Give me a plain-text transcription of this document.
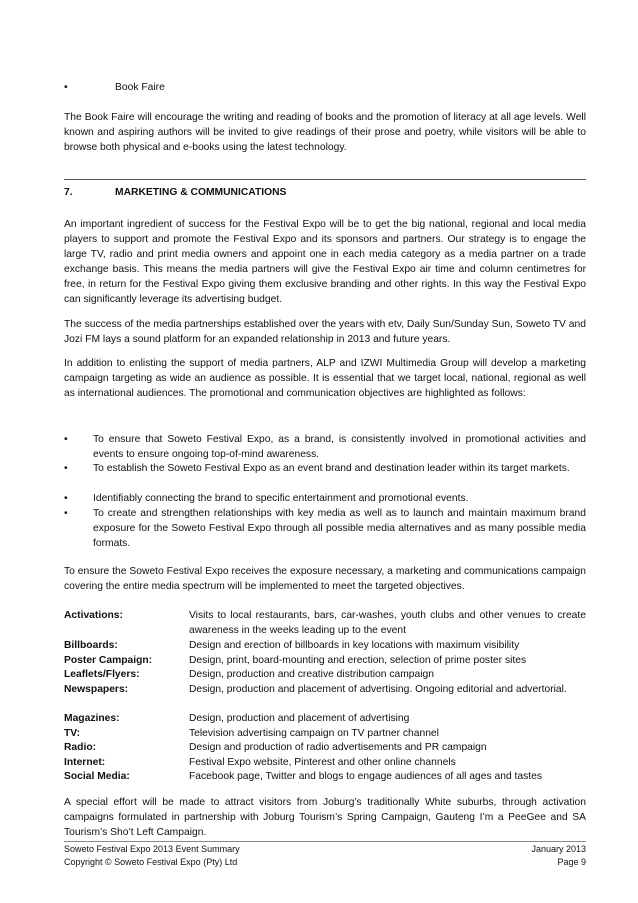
•	Book Faire

The Book Faire will encourage the writing and reading of books and the promotion of literacy at all age levels. Well known and aspiring authors will be invited to give readings of their prose and poetry, while visitors will be able to browse both physical and e-books using the latest technology.

7.	MARKETING & COMMUNICATIONS

An important ingredient of success for the Festival Expo will be to get the big national, regional and local media players to support and promote the Festival Expo and its sponsors and partners. Our strategy is to engage the large TV, radio and print media owners and appoint one in each media category as a media partner on a trade exchange basis. This means the media partners will give the Festival Expo air time and column centimetres for free, in return for the Festival Expo giving them exclusive branding and other rights. In this way the Festival Expo can significantly leverage its advertising budget.

The success of the media partnerships established over the years with etv, Daily Sun/Sunday Sun, Soweto TV and Jozi FM lays a sound platform for an expanded relationship in 2013 and future years.

In addition to enlisting the support of media partners, ALP and IZWI Multimedia Group will develop a marketing campaign targeting as wide an audience as possible. It is essential that we target local, national, regional as well as international audiences. The promotional and communication objectives are highlighted as follows:

• To ensure that Soweto Festival Expo, as a brand, is consistently involved in promotional activities and events to ensure ongoing top-of-mind awareness.
• To establish the Soweto Festival Expo as an event brand and destination leader within its target markets.
• Identifiably connecting the brand to specific entertainment and promotional events.
• To create and strengthen relationships with key media as well as to launch and maintain maximum brand exposure for the Soweto Festival Expo through all possible media alternatives and as many possible media formats.

To ensure the Soweto Festival Expo receives the exposure necessary, a marketing and communications campaign covering the entire media spectrum will be implemented to meet the targeted objectives.

Activations:	Visits to local restaurants, bars, car-washes, youth clubs and other venues to create awareness in the weeks leading up to the event
Billboards:	Design and erection of billboards in key locations with maximum visibility
Poster Campaign:	Design, print, board-mounting and erection, selection of prime poster sites
Leaflets/Flyers:	Design, production and creative distribution campaign
Newspapers:	Design, production and placement of advertising. Ongoing editorial and advertorial.
Magazines:	Design, production and placement of advertising
TV:	Television advertising campaign on TV partner channel
Radio:	Design and production of radio advertisements and PR campaign
Internet:	Festival Expo website, Pinterest and other online channels
Social Media:	Facebook page, Twitter and blogs to engage audiences of all ages and tastes

A special effort will be made to attract visitors from Joburg’s traditionally White suburbs, through activation campaigns formulated in partnership with Joburg Tourism’s Spring Campaign, Gauteng I’m a PeeGee and SA Tourism’s Sho’t Left Campaign.

Soweto Festival Expo 2013 Event Summary	January 2013
Copyright © Soweto Festival Expo (Pty) Ltd	Page 9
